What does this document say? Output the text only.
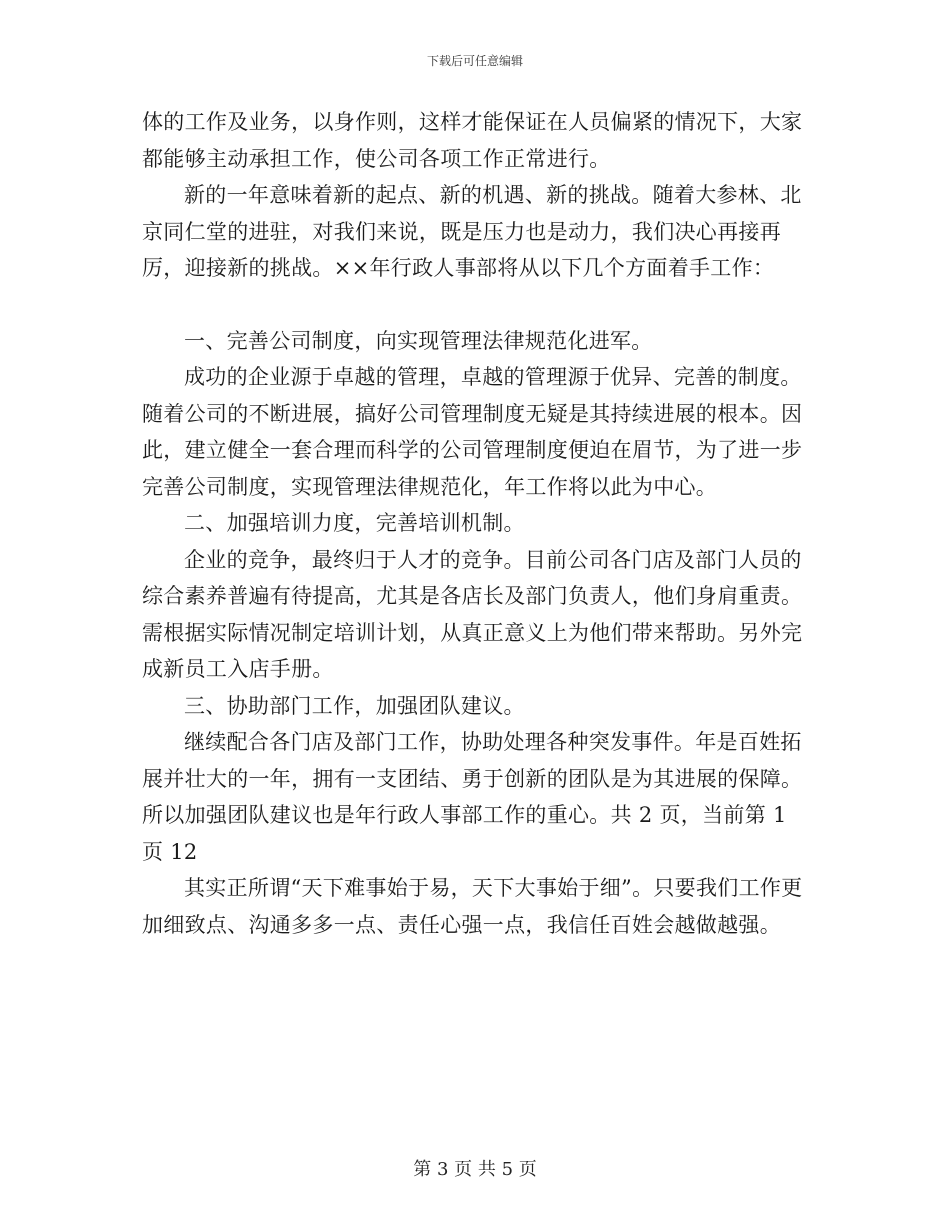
下载后可任意编辑

体的工作及业务，以身作则，这样才能保证在人员偏紧的情况下，大家都能够主动承担工作，使公司各项工作正常进行。

新的一年意味着新的起点、新的机遇、新的挑战。随着大参林、北京同仁堂的进驻，对我们来说，既是压力也是动力，我们决心再接再厉，迎接新的挑战。××年行政人事部将从以下几个方面着手工作：

一、完善公司制度，向实现管理法律规范化进军。

成功的企业源于卓越的管理，卓越的管理源于优异、完善的制度。随着公司的不断进展，搞好公司管理制度无疑是其持续进展的根本。因此，建立健全一套合理而科学的公司管理制度便迫在眉节，为了进一步完善公司制度，实现管理法律规范化，年工作将以此为中心。

二、加强培训力度，完善培训机制。

企业的竞争，最终归于人才的竞争。目前公司各门店及部门人员的综合素养普遍有待提高，尤其是各店长及部门负责人，他们身肩重责。需根据实际情况制定培训计划，从真正意义上为他们带来帮助。另外完成新员工入店手册。

三、协助部门工作，加强团队建议。

继续配合各门店及部门工作，协助处理各种突发事件。年是百姓拓展并壮大的一年，拥有一支团结、勇于创新的团队是为其进展的保障。所以加强团队建议也是年行政人事部工作的重心。共 2 页，当前第 1 页 12

其实正所谓“天下难事始于易，天下大事始于细”。只要我们工作更加细致点、沟通多多一点、责任心强一点，我信任百姓会越做越强。

第 3 页 共 5 页
